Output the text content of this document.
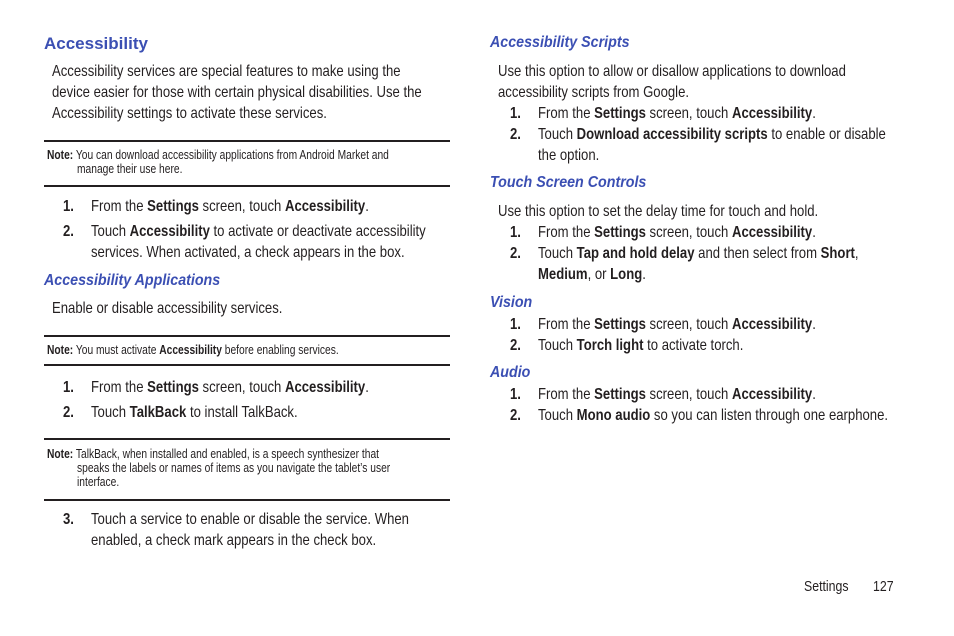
Accessibility
Accessibility services are special features to make using the
device easier for those with certain physical disabilities. Use the
Accessibility settings to activate these services.
Note: You can download accessibility applications from Android Market and
manage their use here.
1. From the Settings screen, touch Accessibility.
2. Touch Accessibility to activate or deactivate accessibility
services. When activated, a check appears in the box.
Accessibility Applications
Enable or disable accessibility services.
Note: You must activate Accessibility before enabling services.
1. From the Settings screen, touch Accessibility.
2. Touch TalkBack to install TalkBack.
Note: TalkBack, when installed and enabled, is a speech synthesizer that
speaks the labels or names of items as you navigate the tablet’s user
interface.
3. Touch a service to enable or disable the service. When
enabled, a check mark appears in the check box.
Accessibility Scripts
Use this option to allow or disallow applications to download
accessibility scripts from Google.
1. From the Settings screen, touch Accessibility.
2. Touch Download accessibility scripts to enable or disable
the option.
Touch Screen Controls
Use this option to set the delay time for touch and hold.
1. From the Settings screen, touch Accessibility.
2. Touch Tap and hold delay and then select from Short,
Medium, or Long.
Vision
1. From the Settings screen, touch Accessibility.
2. Touch Torch light to activate torch.
Audio
1. From the Settings screen, touch Accessibility.
2. Touch Mono audio so you can listen through one earphone.
Settings 127
